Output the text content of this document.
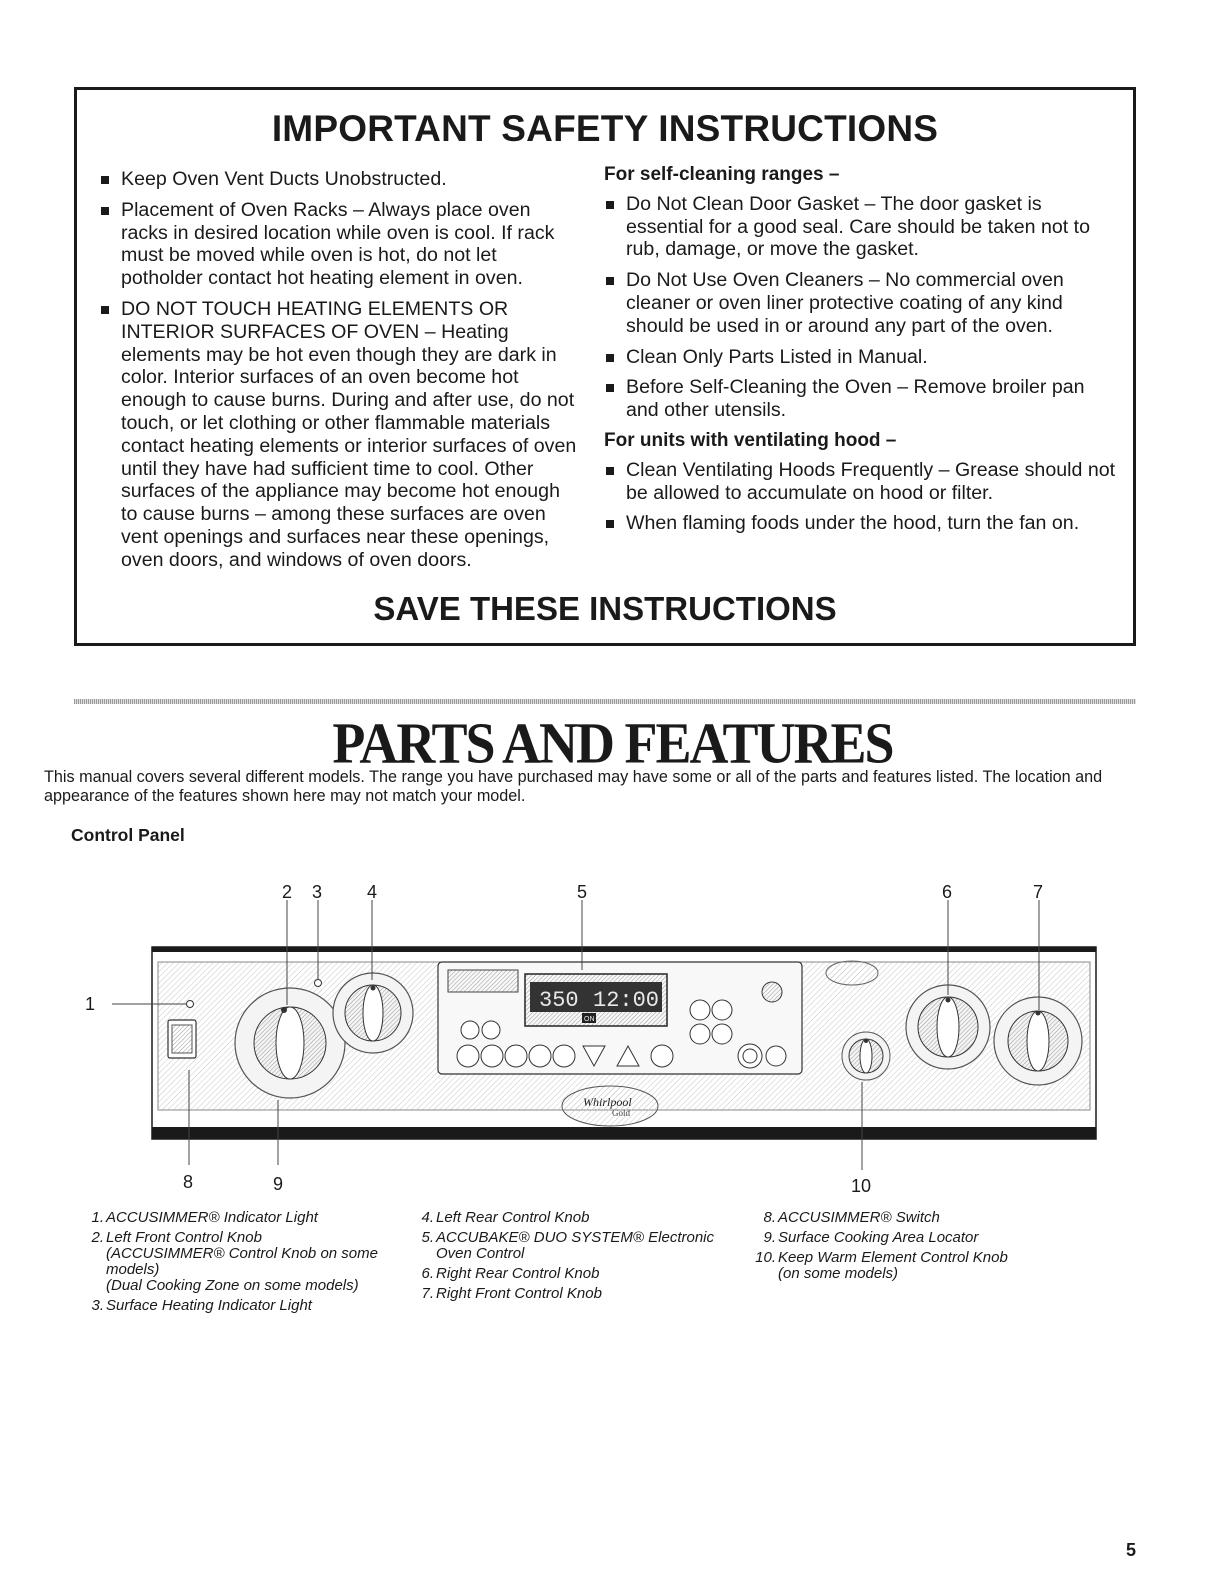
IMPORTANT SAFETY INSTRUCTIONS
Keep Oven Vent Ducts Unobstructed.
Placement of Oven Racks – Always place oven racks in desired location while oven is cool. If rack must be moved while oven is hot, do not let potholder contact hot heating element in oven.
DO NOT TOUCH HEATING ELEMENTS OR INTERIOR SURFACES OF OVEN – Heating elements may be hot even though they are dark in color. Interior surfaces of an oven become hot enough to cause burns. During and after use, do not touch, or let clothing or other flammable materials contact heating elements or interior surfaces of oven until they have had sufficient time to cool. Other surfaces of the appliance may become hot enough to cause burns – among these surfaces are oven vent openings and surfaces near these openings, oven doors, and windows of oven doors.
For self-cleaning ranges –
Do Not Clean Door Gasket – The door gasket is essential for a good seal. Care should be taken not to rub, damage, or move the gasket.
Do Not Use Oven Cleaners – No commercial oven cleaner or oven liner protective coating of any kind should be used in or around any part of the oven.
Clean Only Parts Listed in Manual.
Before Self-Cleaning the Oven – Remove broiler pan and other utensils.
For units with ventilating hood –
Clean Ventilating Hoods Frequently – Grease should not be allowed to accumulate on hood or filter.
When flaming foods under the hood, turn the fan on.
SAVE THESE INSTRUCTIONS
PARTS AND FEATURES
This manual covers several different models. The range you have purchased may have some or all of the parts and features listed. The location and appearance of the features shown here may not match your model.
Control Panel
350 12:00
ON
Whirlpool
Gold
1
2 3 4	5	6	7
8	9	10
1. ACCUSIMMER® Indicator Light
2. Left Front Control Knob
(ACCUSIMMER® Control Knob on some models)
(Dual Cooking Zone on some models)
3. Surface Heating Indicator Light
4. Left Rear Control Knob
5. ACCUBAKE® DUO SYSTEM® Electronic Oven Control
6. Right Rear Control Knob
7. Right Front Control Knob
8. ACCUSIMMER® Switch
9. Surface Cooking Area Locator
10. Keep Warm Element Control Knob
(on some models)
5
